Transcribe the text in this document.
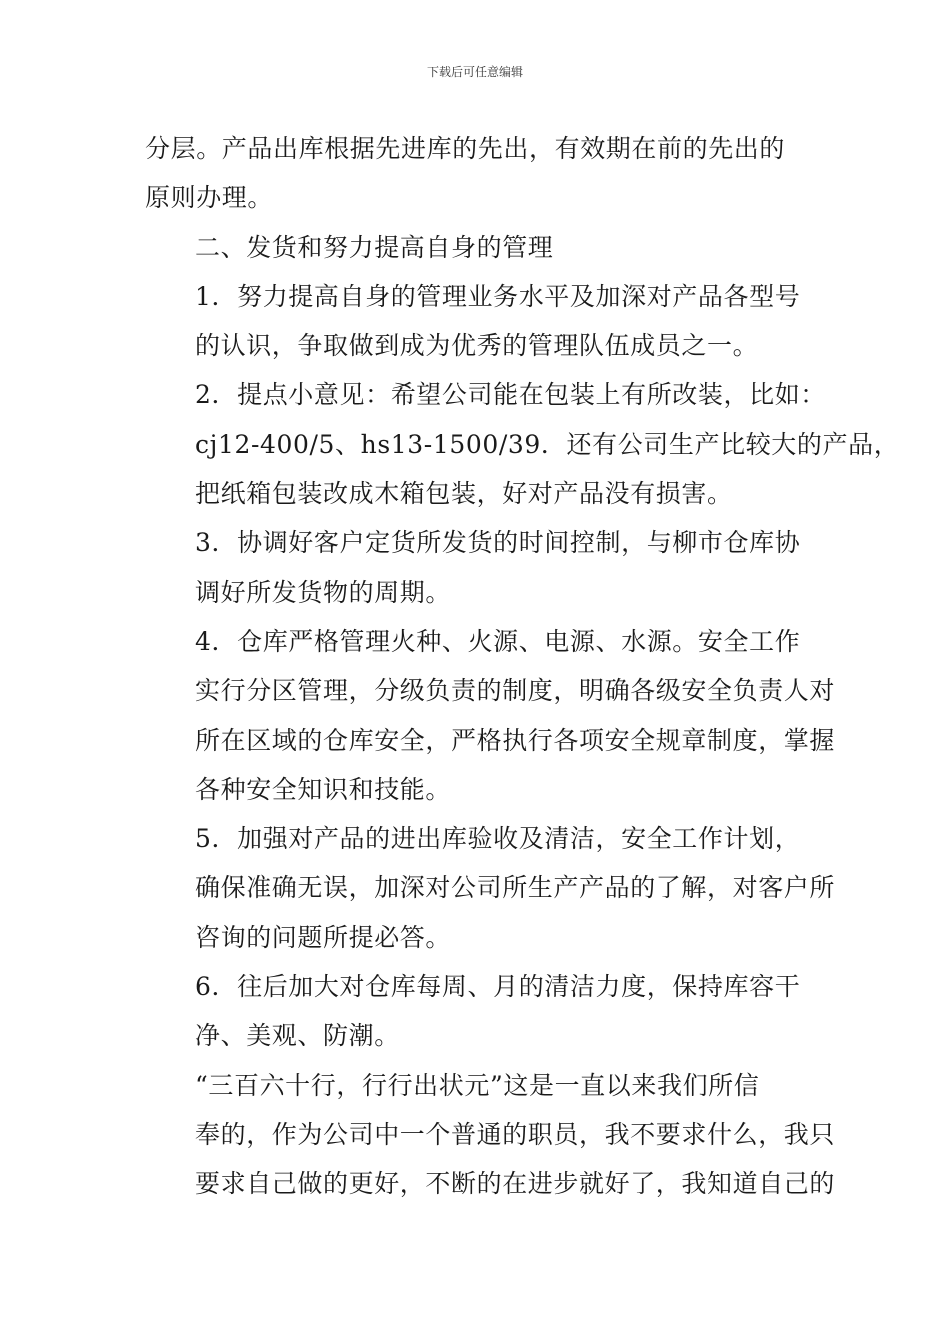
下载后可任意编辑

分层。产品出库根据先进库的先出，有效期在前的先出的
原则办理。

二、发货和努力提高自身的管理

1．努力提高自身的管理业务水平及加深对产品各型号
的认识，争取做到成为优秀的管理队伍成员之一。

2．提点小意见：希望公司能在包装上有所改装，比如：
cj12-400/5、hs13-1500/39．还有公司生产比较大的产品，
把纸箱包装改成木箱包装，好对产品没有损害。

3．协调好客户定货所发货的时间控制，与柳市仓库协
调好所发货物的周期。

4．仓库严格管理火种、火源、电源、水源。安全工作
实行分区管理，分级负责的制度，明确各级安全负责人对
所在区域的仓库安全，严格执行各项安全规章制度，掌握
各种安全知识和技能。

5．加强对产品的进出库验收及清洁，安全工作计划，
确保准确无误，加深对公司所生产产品的了解，对客户所
咨询的问题所提必答。

6．往后加大对仓库每周、月的清洁力度，保持库容干
净、美观、防潮。

“三百六十行，行行出状元”这是一直以来我们所信
奉的，作为公司中一个普通的职员，我不要求什么，我只
要求自己做的更好，不断的在进步就好了，我知道自己的
